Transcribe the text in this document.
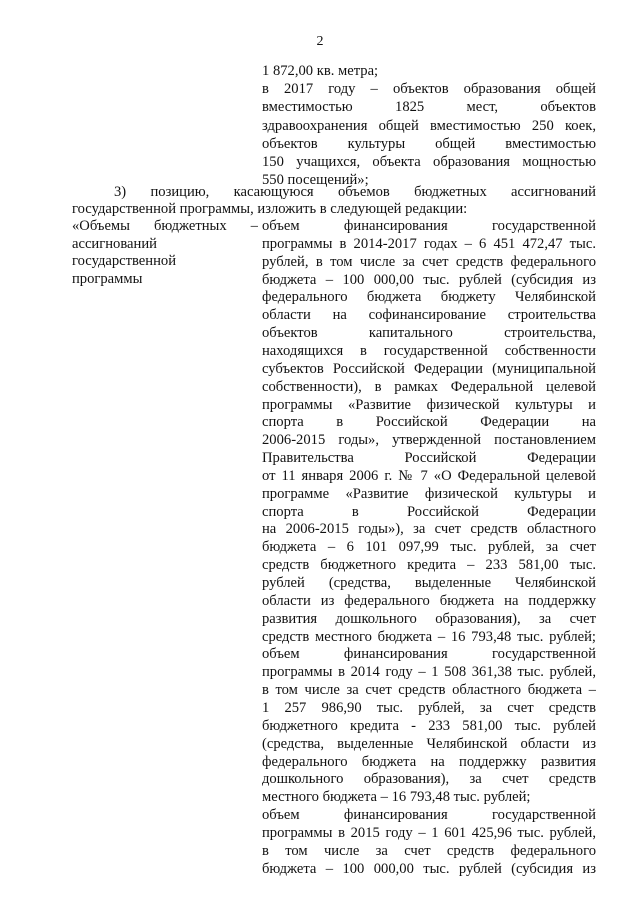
2
1 872,00 кв. метра;
в 2017 году – объектов образования общей
вместимостью 1825 мест, объектов
здравоохранения общей вместимостью 250 коек,
объектов культуры общей вместимостью
150 учащихся, объекта образования мощностью
550 посещений»;
3) позицию, касающуюся объемов бюджетных ассигнований
государственной программы, изложить в следующей редакции:
«Объемы бюджетных –
ассигнований
государственной
программы
объем финансирования государственной
программы в 2014-2017 годах – 6 451 472,47 тыс.
рублей, в том числе за счет средств федерального
бюджета – 100 000,00 тыс. рублей (субсидия из
федерального бюджета бюджету Челябинской
области на софинансирование строительства
объектов капитального строительства,
находящихся в государственной собственности
субъектов Российской Федерации (муниципальной
собственности), в рамках Федеральной целевой
программы «Развитие физической культуры и
спорта в Российской Федерации на
2006-2015 годы», утвержденной постановлением
Правительства Российской Федерации
от 11 января 2006 г. № 7 «О Федеральной целевой
программе «Развитие физической культуры и
спорта в Российской Федерации
на 2006-2015 годы»), за счет средств областного
бюджета – 6 101 097,99 тыс. рублей, за счет
средств бюджетного кредита – 233 581,00 тыс.
рублей (средства, выделенные Челябинской
области из федерального бюджета на поддержку
развития дошкольного образования), за счет
средств местного бюджета – 16 793,48 тыс. рублей;
объем финансирования государственной
программы в 2014 году – 1 508 361,38 тыс. рублей,
в том числе за счет средств областного бюджета –
1 257 986,90 тыс. рублей, за счет средств
бюджетного кредита - 233 581,00 тыс. рублей
(средства, выделенные Челябинской области из
федерального бюджета на поддержку развития
дошкольного образования), за счет средств
местного бюджета – 16 793,48 тыс. рублей;
объем финансирования государственной
программы в 2015 году – 1 601 425,96 тыс. рублей,
в том числе за счет средств федерального
бюджета – 100 000,00 тыс. рублей (субсидия из
